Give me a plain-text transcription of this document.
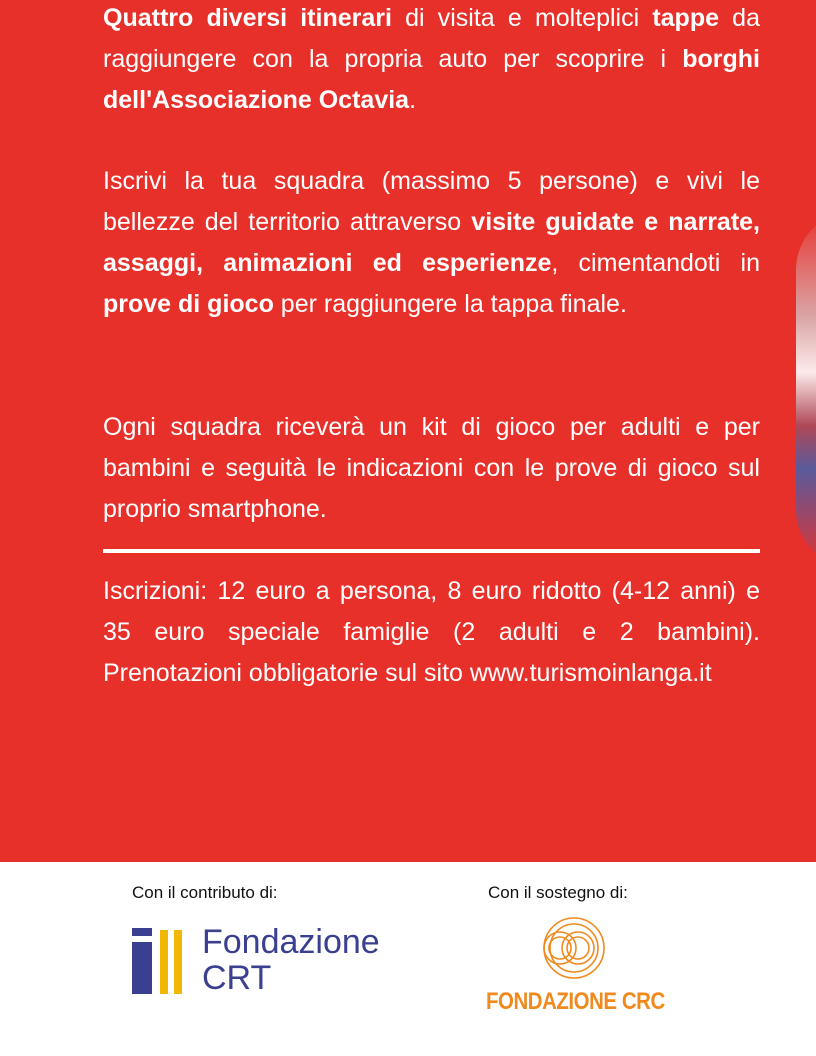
Quattro diversi itinerari di visita e molteplici tappe da raggiungere con la propria auto per scoprire i borghi dell'Associazione Octavia.

Iscrivi la tua squadra (massimo 5 persone) e vivi le bellezze del territorio attraverso visite guidate e narrate, assaggi, animazioni ed esperienze, cimentandoti in prove di gioco per raggiungere la tappa finale.

Ogni squadra riceverà un kit di gioco per adulti e per bambini e seguità le indicazioni con le prove di gioco sul proprio smartphone.

Iscrizioni: 12 euro a persona, 8 euro ridotto (4-12 anni) e 35 euro speciale famiglie (2 adulti e 2 bambini). Prenotazioni obbligatorie sul sito www.turismoinlanga.it

Con il contributo di:	Con il sostegno di:
Fondazione
CRT
FONDAZIONE CRC
